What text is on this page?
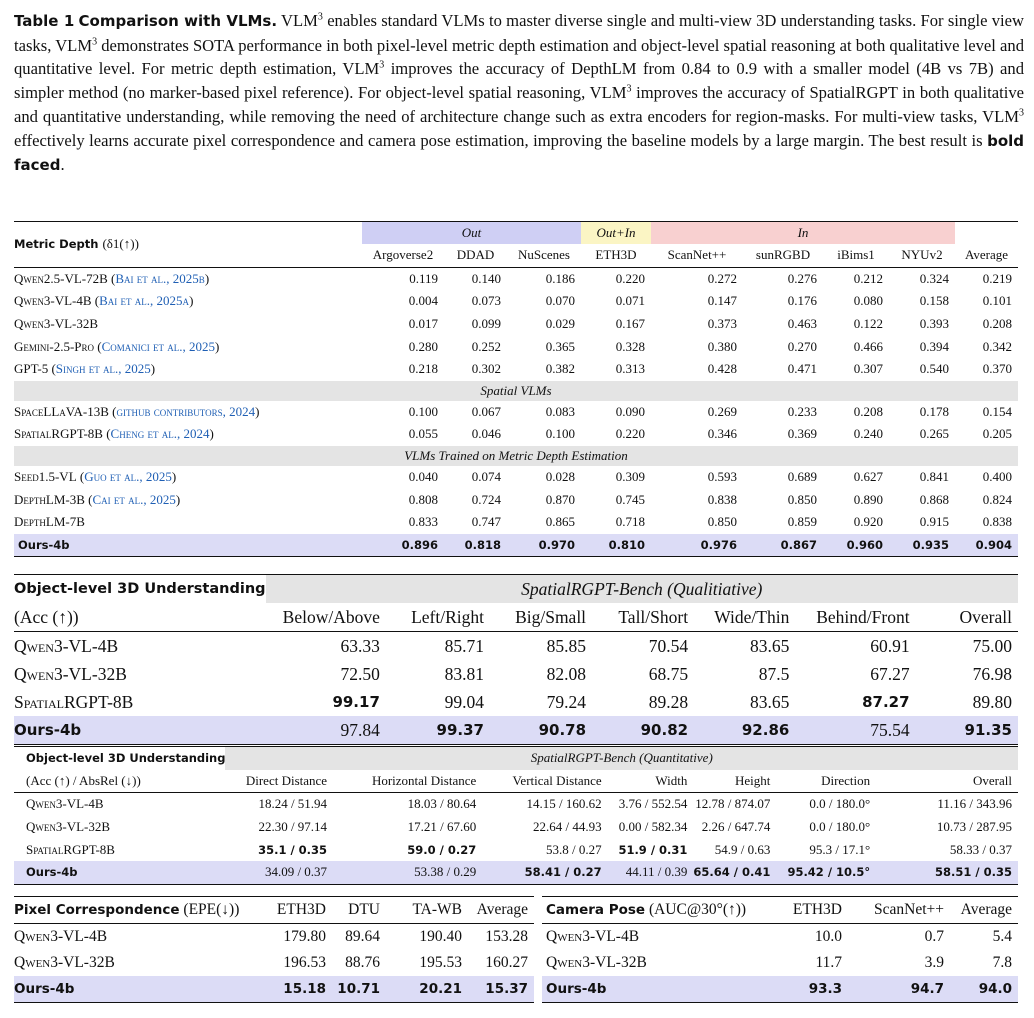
Table 1 Comparison with VLMs. VLM$^3$ enables standard VLMs to master diverse single and multi-view 3D understanding tasks. For single view tasks, VLM$^3$ demonstrates SOTA performance in both pixel-level metric depth estimation and object-level spatial reasoning at both qualitative level and quantitative level. For metric depth estimation, VLM$^3$ improves the accuracy of DepthLM from 0.84 to 0.9 with a smaller model (4B vs 7B) and simpler method (no marker-based pixel reference). For object-level spatial reasoning, VLM$^3$ improves the accuracy of SpatialRGPT in both qualitative and quantitative understanding, while removing the need of architecture change such as extra encoders for region-masks. For multi-view tasks, VLM$^3$ effectively learns accurate pixel correspondence and camera pose estimation, improving the baseline models by a large margin. The best result is bold faced.
Metric Depth (δ1(↑))	Out			Out+In	In				
	Argoverse2	DDAD	NuScenes	ETH3D	ScanNet++	sunRGBD	iBims1	NYUv2	Average
Qwen2.5-VL-72B (Bai et al., 2025b)	0.119	0.140	0.186	0.220	0.272	0.276	0.212	0.324	0.219
Qwen3-VL-4B (Bai et al., 2025a)	0.004	0.073	0.070	0.071	0.147	0.176	0.080	0.158	0.101
Qwen3-VL-32B	0.017	0.099	0.029	0.167	0.373	0.463	0.122	0.393	0.208
Gemini-2.5-Pro (Comanici et al., 2025)	0.280	0.252	0.365	0.328	0.380	0.270	0.466	0.394	0.342
GPT-5 (Singh et al., 2025)	0.218	0.302	0.382	0.313	0.428	0.471	0.307	0.540	0.370
Spatial VLMs									
SpaceLLaVA-13B (github contributors, 2024)	0.100	0.067	0.083	0.090	0.269	0.233	0.208	0.178	0.154
SpatialRGPT-8B (Cheng et al., 2024)	0.055	0.046	0.100	0.220	0.346	0.369	0.240	0.265	0.205
VLMs Trained on Metric Depth Estimation									
Seed1.5-VL (Guo et al., 2025)	0.040	0.074	0.028	0.309	0.593	0.689	0.627	0.841	0.400
DepthLM-3B (Cai et al., 2025)	0.808	0.724	0.870	0.745	0.838	0.850	0.890	0.868	0.824
DepthLM-7B	0.833	0.747	0.865	0.718	0.850	0.859	0.920	0.915	0.838
Ours-4b	0.896	0.818	0.970	0.810	0.976	0.867	0.960	0.935	0.904
Object-level 3D Understanding	SpatialRGPT-Bench (Qualitiative)						
(Acc (↑))	Below/Above	Left/Right	Big/Small	Tall/Short	Wide/Thin	Behind/Front	Overall
Qwen3-VL-4B	63.33	85.71	85.85	70.54	83.65	60.91	75.00
Qwen3-VL-32B	72.50	83.81	82.08	68.75	87.5	67.27	76.98
SpatialRGPT-8B	99.17	99.04	79.24	89.28	83.65	87.27	89.80
Ours-4b	97.84	99.37	90.78	90.82	92.86	75.54	91.35
Object-level 3D Understanding	SpatialRGPT-Bench (Quantitative)						
(Acc (↑) / AbsRel (↓))	Direct Distance	Horizontal Distance	Vertical Distance	Width	Height	Direction	Overall
Qwen3-VL-4B	18.24 / 51.94	18.03 / 80.64	14.15 / 160.62	3.76 / 552.54	12.78 / 874.07	0.0 / 180.0°	11.16 / 343.96
Qwen3-VL-32B	22.30 / 97.14	17.21 / 67.60	22.64 / 44.93	0.00 / 582.34	2.26 / 647.74	0.0 / 180.0°	10.73 / 287.95
SpatialRGPT-8B	35.1 / 0.35	59.0 / 0.27	53.8 / 0.27	51.9 / 0.31	54.9 / 0.63	95.3 / 17.1°	58.33 / 0.37
Ours-4b	34.09 / 0.37	53.38 / 0.29	58.41 / 0.27	44.11 / 0.39	65.64 / 0.41	95.42 / 10.5°	58.51 / 0.35
Pixel Correspondence (EPE(↓))	ETH3D	DTU	TA-WB	Average
Qwen3-VL-4B	179.80	89.64	190.40	153.28
Qwen3-VL-32B	196.53	88.76	195.53	160.27
Ours-4b	15.18	10.71	20.21	15.37
Camera Pose (AUC@30°(↑))	ETH3D	ScanNet++	Average
Qwen3-VL-4B	10.0	0.7	5.4
Qwen3-VL-32B	11.7	3.9	7.8
Ours-4b	93.3	94.7	94.0
